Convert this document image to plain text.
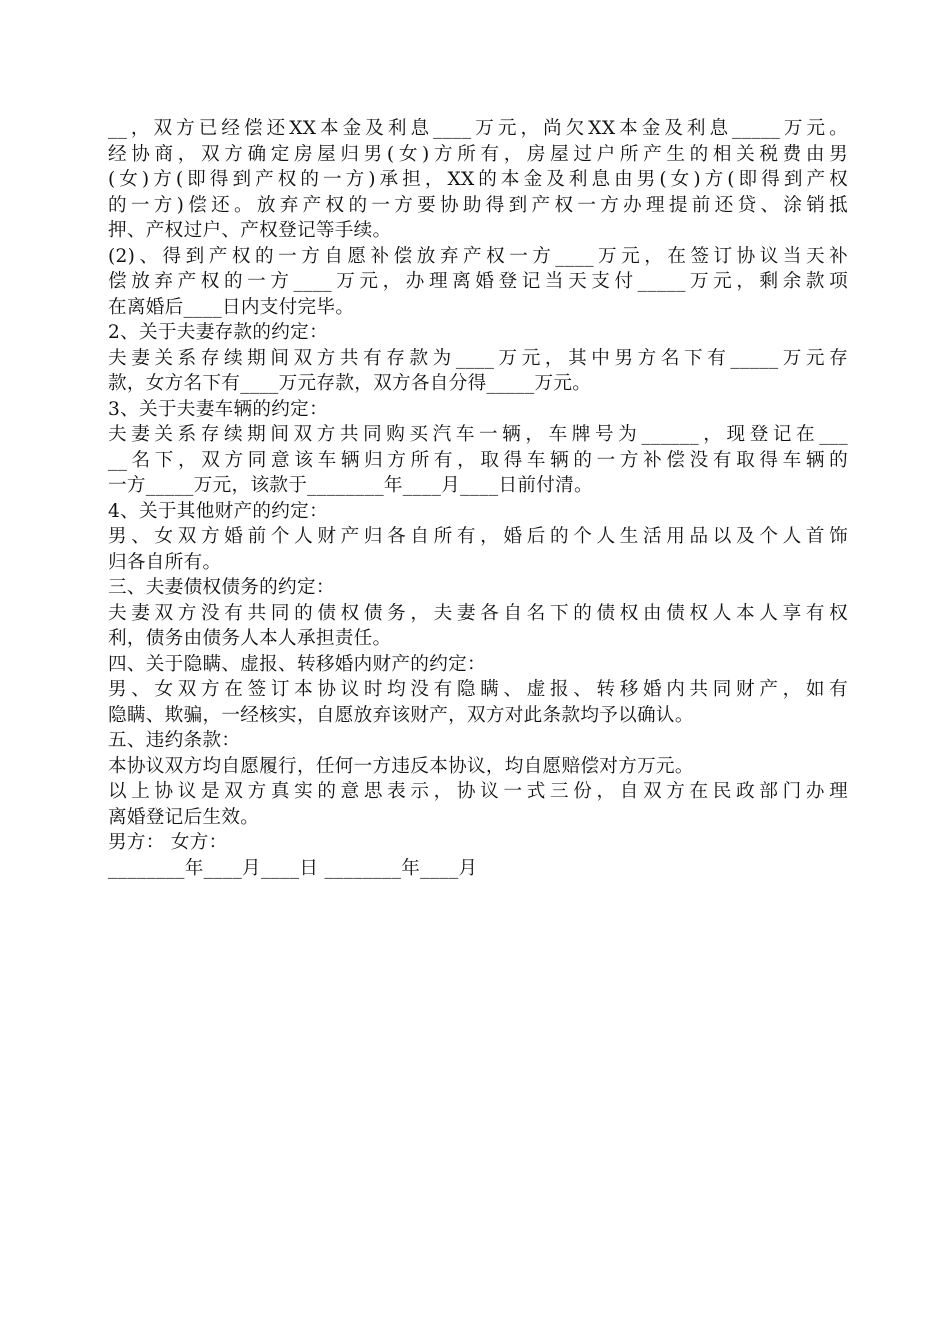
__，双方已经偿还XX本金及利息____万元，尚欠XX本金及利息_____万元。
经协商，双方确定房屋归男(女)方所有，房屋过户所产生的相关税费由男
(女)方(即得到产权的一方)承担，XX的本金及利息由男(女)方(即得到产权
的一方)偿还。放弃产权的一方要协助得到产权一方办理提前还贷、涂销抵
押、产权过户、产权登记等手续。
(2)、得到产权的一方自愿补偿放弃产权一方____万元，在签订协议当天补
偿放弃产权的一方____万元，办理离婚登记当天支付_____万元，剩余款项
在离婚后____日内支付完毕。
2、关于夫妻存款的约定：
夫妻关系存续期间双方共有存款为____万元，其中男方名下有_____万元存
款，女方名下有____万元存款，双方各自分得_____万元。
3、关于夫妻车辆的约定：
夫妻关系存续期间双方共同购买汽车一辆，车牌号为______，现登记在___
__名下，双方同意该车辆归方所有，取得车辆的一方补偿没有取得车辆的
一方_____万元，该款于________年____月____日前付清。
4、关于其他财产的约定：
男、女双方婚前个人财产归各自所有，婚后的个人生活用品以及个人首饰
归各自所有。
三、夫妻债权债务的约定：
夫妻双方没有共同的债权债务，夫妻各自名下的债权由债权人本人享有权
利，债务由债务人本人承担责任。
四、关于隐瞒、虚报、转移婚内财产的约定：
男、女双方在签订本协议时均没有隐瞒、虚报、转移婚内共同财产，如有
隐瞒、欺骗，一经核实，自愿放弃该财产，双方对此条款均予以确认。
五、违约条款：
本协议双方均自愿履行，任何一方违反本协议，均自愿赔偿对方万元。
以上协议是双方真实的意思表示，协议一式三份，自双方在民政部门办理
离婚登记后生效。
男方： 女方：
________年____月____日 ________年____月
